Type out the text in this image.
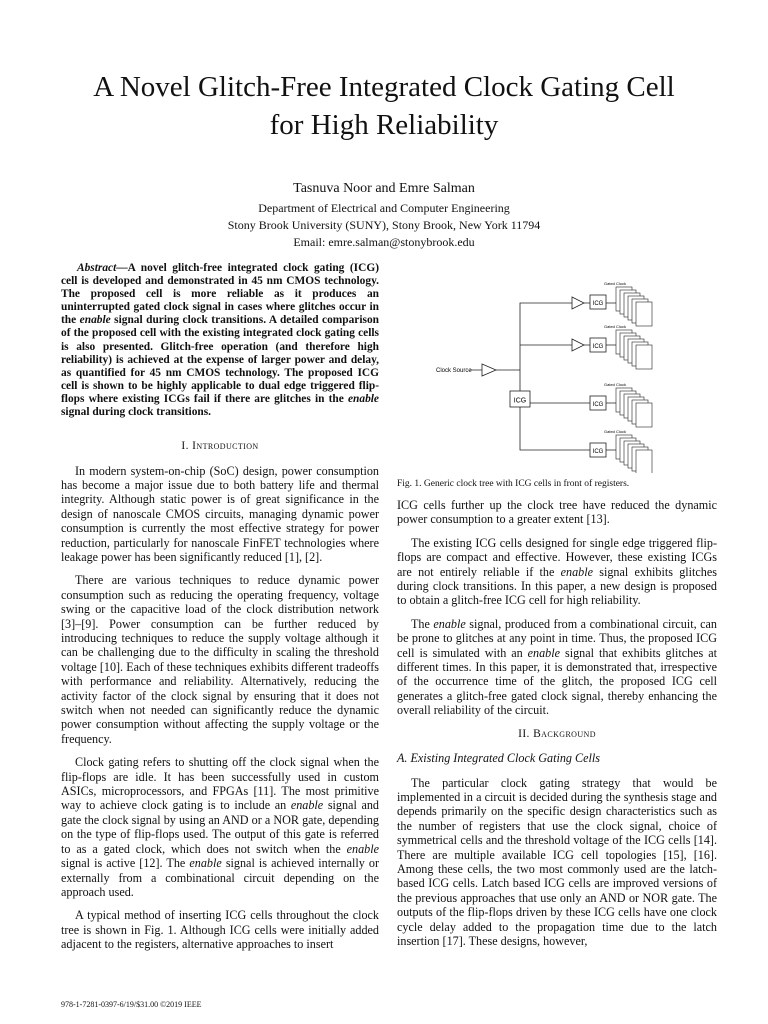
A Novel Glitch-Free Integrated Clock Gating Cell
for High Reliability
Tasnuva Noor and Emre Salman
Department of Electrical and Computer Engineering
Stony Brook University (SUNY), Stony Brook, New York 11794
Email: emre.salman@stonybrook.edu
Abstract—A novel glitch-free integrated clock gating (ICG) cell is developed and demonstrated in 45 nm CMOS technology. The proposed cell is more reliable as it produces an uninterrupted gated clock signal in cases where glitches occur in the enable signal during clock transitions. A detailed comparison of the proposed cell with the existing integrated clock gating cells is also presented. Glitch-free operation (and therefore high reliability) is achieved at the expense of larger power and delay, as quantified for 45 nm CMOS technology. The proposed ICG cell is shown to be highly applicable to dual edge triggered flip-flops where existing ICGs fail if there are glitches in the enable signal during clock transitions.
I. Introduction

In modern system-on-chip (SoC) design, power consumption has become a major issue due to both battery life and thermal integrity. Although static power is of great significance in the design of nanoscale CMOS circuits, managing dynamic power consumption is currently the most effective strategy for power reduction, particularly for nanoscale FinFET technologies where leakage power has been significantly reduced [1], [2].

There are various techniques to reduce dynamic power consumption such as reducing the operating frequency, voltage swing or the capacitive load of the clock distribution network [3]–[9]. Power consumption can be further reduced by introducing techniques to reduce the supply voltage although it can be challenging due to the difficulty in scaling the threshold voltage [10]. Each of these techniques exhibits different tradeoffs with performance and reliability. Alternatively, reducing the activity factor of the clock signal by ensuring that it does not switch when not needed can significantly reduce the dynamic power consumption without affecting the supply voltage or the frequency.

Clock gating refers to shutting off the clock signal when the flip-flops are idle. It has been successfully used in custom ASICs, microprocessors, and FPGAs [11]. The most primitive way to achieve clock gating is to include an enable signal and gate the clock signal by using an AND or a NOR gate, depending on the type of flip-flops used. The output of this gate is referred to as a gated clock, which does not switch when the enable signal is active [12]. The enable signal is achieved internally or externally from a combinational circuit depending on the approach used.

A typical method of inserting ICG cells throughout the clock tree is shown in Fig. 1. Although ICG cells were initially added adjacent to the registers, alternative approaches to insert

ICG
Clock Source
ICG
ICG
ICG
ICG
Gated Clock
Gated Clock
Gated Clock
Gated Clock

Fig. 1. Generic clock tree with ICG cells in front of registers.

ICG cells further up the clock tree have reduced the dynamic power consumption to a greater extent [13].

The existing ICG cells designed for single edge triggered flip-flops are compact and effective. However, these existing ICGs are not entirely reliable if the enable signal exhibits glitches during clock transitions. In this paper, a new design is proposed to obtain a glitch-free ICG cell for high reliability.

The enable signal, produced from a combinational circuit, can be prone to glitches at any point in time. Thus, the proposed ICG cell is simulated with an enable signal that exhibits glitches at different times. In this paper, it is demonstrated that, irrespective of the occurrence time of the glitch, the proposed ICG cell generates a glitch-free gated clock signal, thereby enhancing the overall reliability of the circuit.

II. Background
A. Existing Integrated Clock Gating Cells

The particular clock gating strategy that would be implemented in a circuit is decided during the synthesis stage and depends primarily on the specific design characteristics such as the number of registers that use the clock signal, choice of symmetrical cells and the threshold voltage of the ICG cells [14]. There are multiple available ICG cell topologies [15], [16]. Among these cells, the two most commonly used are the latch-based ICG cells. Latch based ICG cells are improved versions of the previous approaches that use only an AND or NOR gate. The outputs of the flip-flops driven by these ICG cells have one clock cycle delay added to the propagation time due to the latch insertion [17]. These designs, however,

978-1-7281-0397-6/19/$31.00 ©2019 IEEE
